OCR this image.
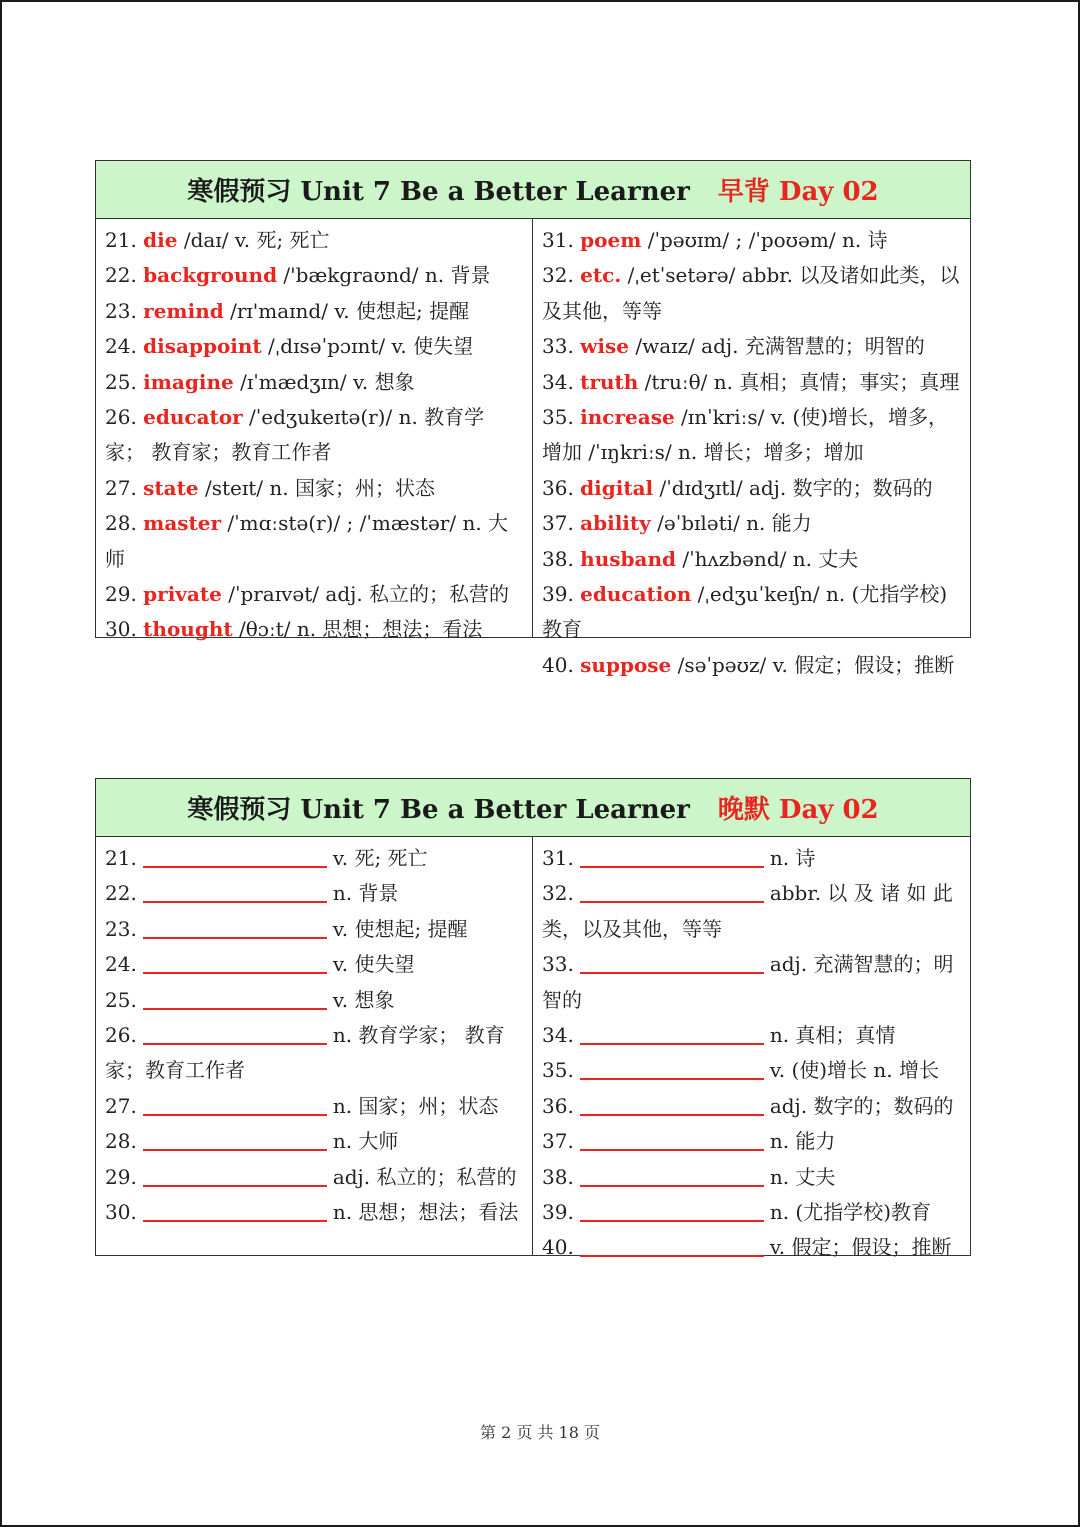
寒假预习 Unit 7 Be a Better Learner 早背 Day 02
21. die /daɪ/ v. 死; 死亡
22. background /'bækgraʊnd/ n. 背景
23. remind /rɪ'maɪnd/ v. 使想起; 提醒
24. disappoint /ˌdɪsəˈpɔɪnt/ v. 使失望
25. imagine /ɪˈmædʒɪn/ v. 想象
26. educator /ˈedʒukeɪtə(r)/ n. 教育学家； 教育家；教育工作者
27. state /steɪt/ n. 国家；州；状态
28. master /ˈmɑːstə(r)/ ; /ˈmæstər/ n. 大师
29. private /ˈpraɪvət/ adj. 私立的；私营的
30. thought /θɔːt/ n. 思想；想法；看法
31. poem /ˈpəʊɪm/ ; /ˈpoʊəm/ n. 诗
32. etc. /ˌetˈsetərə/ abbr. 以及诸如此类，以及其他，等等
33. wise /waɪz/ adj. 充满智慧的；明智的
34. truth /truːθ/ n. 真相；真情；事实；真理
35. increase /ɪnˈkriːs/ v. (使)增长，增多，增加 /ˈɪŋkriːs/ n. 增长；增多；增加
36. digital /ˈdɪdʒɪtl/ adj. 数字的；数码的
37. ability /əˈbɪləti/ n. 能力
38. husband /ˈhʌzbənd/ n. 丈夫
39. education /ˌedʒuˈkeɪʃn/ n. (尤指学校)教育
40. suppose /səˈpəʊz/ v. 假定；假设；推断
寒假预习 Unit 7 Be a Better Learner 晚默 Day 02
21.	v. 死; 死亡
22.	n. 背景
23.	v. 使想起; 提醒
24.	v. 使失望
25.	v. 想象
26.	n. 教育学家； 教育家；教育工作者
27.	n. 国家；州；状态
28.	n. 大师
29.	adj. 私立的；私营的
30.	n. 思想；想法；看法
31.	n. 诗
32.	abbr. 以 及 诸 如 此 类，以及其他，等等
33.	adj. 充满智慧的；明智的
34.	n. 真相；真情
35.	v. (使)增长 n. 增长
36.	adj. 数字的；数码的
37.	n. 能力
38.	n. 丈夫
39.	n. (尤指学校)教育
40.	v. 假定；假设；推断
第 2 页 共 18 页
